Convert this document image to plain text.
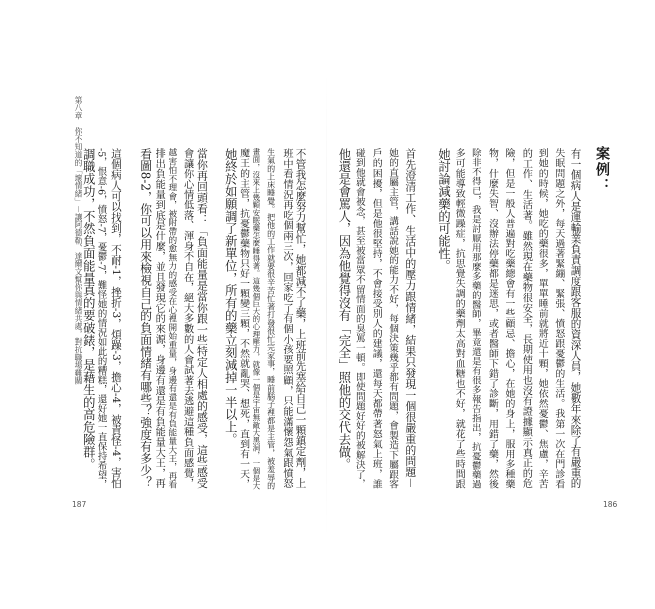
案例：
有一個病人是運輸業負責調度跟客服的資深人員，她數年來除了有嚴重的
失眠問題之外，每天過著緊繃、緊張、憤怒跟憂鬱的生活。我第一次在門診看
到她的時候，她吃的藥很多，單單睡前就將近十顆，她依然憂鬱、焦慮，辛苦
的工作、生活著。雖然現在藥物很安全，長期使用也沒有證據顯示真正的危
險，但是一般人普遍對吃藥總會有一些顧忌、擔心，在她的身上，服用多種藥
物，什麼失智、沒辦法停藥都是迷思，或者醫師下錯了診斷，用錯了藥，然後
除非不得已，我是討厭用那麼多藥的醫師，畢竟還是有很多報告指出，抗憂鬱藥過
多可能導致輕微躁症，抗思覺失調的藥劑太高對血糖也不好，就花了些時間跟
她討論減藥的可能性。
首先澄清工作、生活中的壓力跟情緒，結果只發現一個很嚴重的問題－
她的直屬主管，講話說她的能力不好，每個決策幾乎都有問題，會製造下屬跟客
戶的困擾，但是他很堅持，不會接受別人的建議，還每天都帶著怒氣上班，誰
碰到他就會被念，甚至被當眾不留情面的臭罵一頓。即使問題好好的被解決了，
他還是會罵人，因為他覺得沒有「完全」照他的交代去做。
186
第八章　你不知道的「壞情緒」－讓阿德勒、達爾文幫你與情緒共處，對抗職場難關	不管我怎麼努力幫忙，她都減不了藥，上班前先塞給自己一顆鎮定劑，上
班中看情況再吃個兩三次，回家吃了有個小孩要照顧，只能滿懷怨氣跟憤怒
生氣的上床睡覺。把他的工作就要很辛苦忙著打發很忙完家事，睡前腦子裡都是主管，被羞辱的
畫面，沒來上幾顆安眠藥怎麼睡得著。這幾個巨大的心理壓力，就像一個是宇宙無敵大黑洞，一個是大
魔王的主管，抗憂鬱藥物只好一顆變三顆，不然就亂哭、想死，直到有一天，
她終於如願調了新單位，所有的藥立刻減掉一半以上。
當你再回頭看：「負面能量是當你跟一些特定人相處的感受，這些感受
會讓你心情低落、渾身不自在，絕大多數的人會試著去逃避這種負面感覺，
越害怕不理會，被附帶的愈無力的感受在心裡開始重量，身邊有還是有負能量大王，再看
排出負能量到底是什麼，並且發現它的來源，身邊有還是有負能量大王，再
看圖8-2，你可以用來檢視自己的負面情緒有哪些？強度有多少？
這個病人可以找到，不耐-1，挫折-3，煩躁-3，擔心-4，被責怪-4，害怕
-5，恨意-6，憤怒-7，憂鬱-7，難怪她的情況如此的糟糕，還好她一直保持希望，
調職成功，不然負面能量真的要破錶，是藉生的高危險群。
187
